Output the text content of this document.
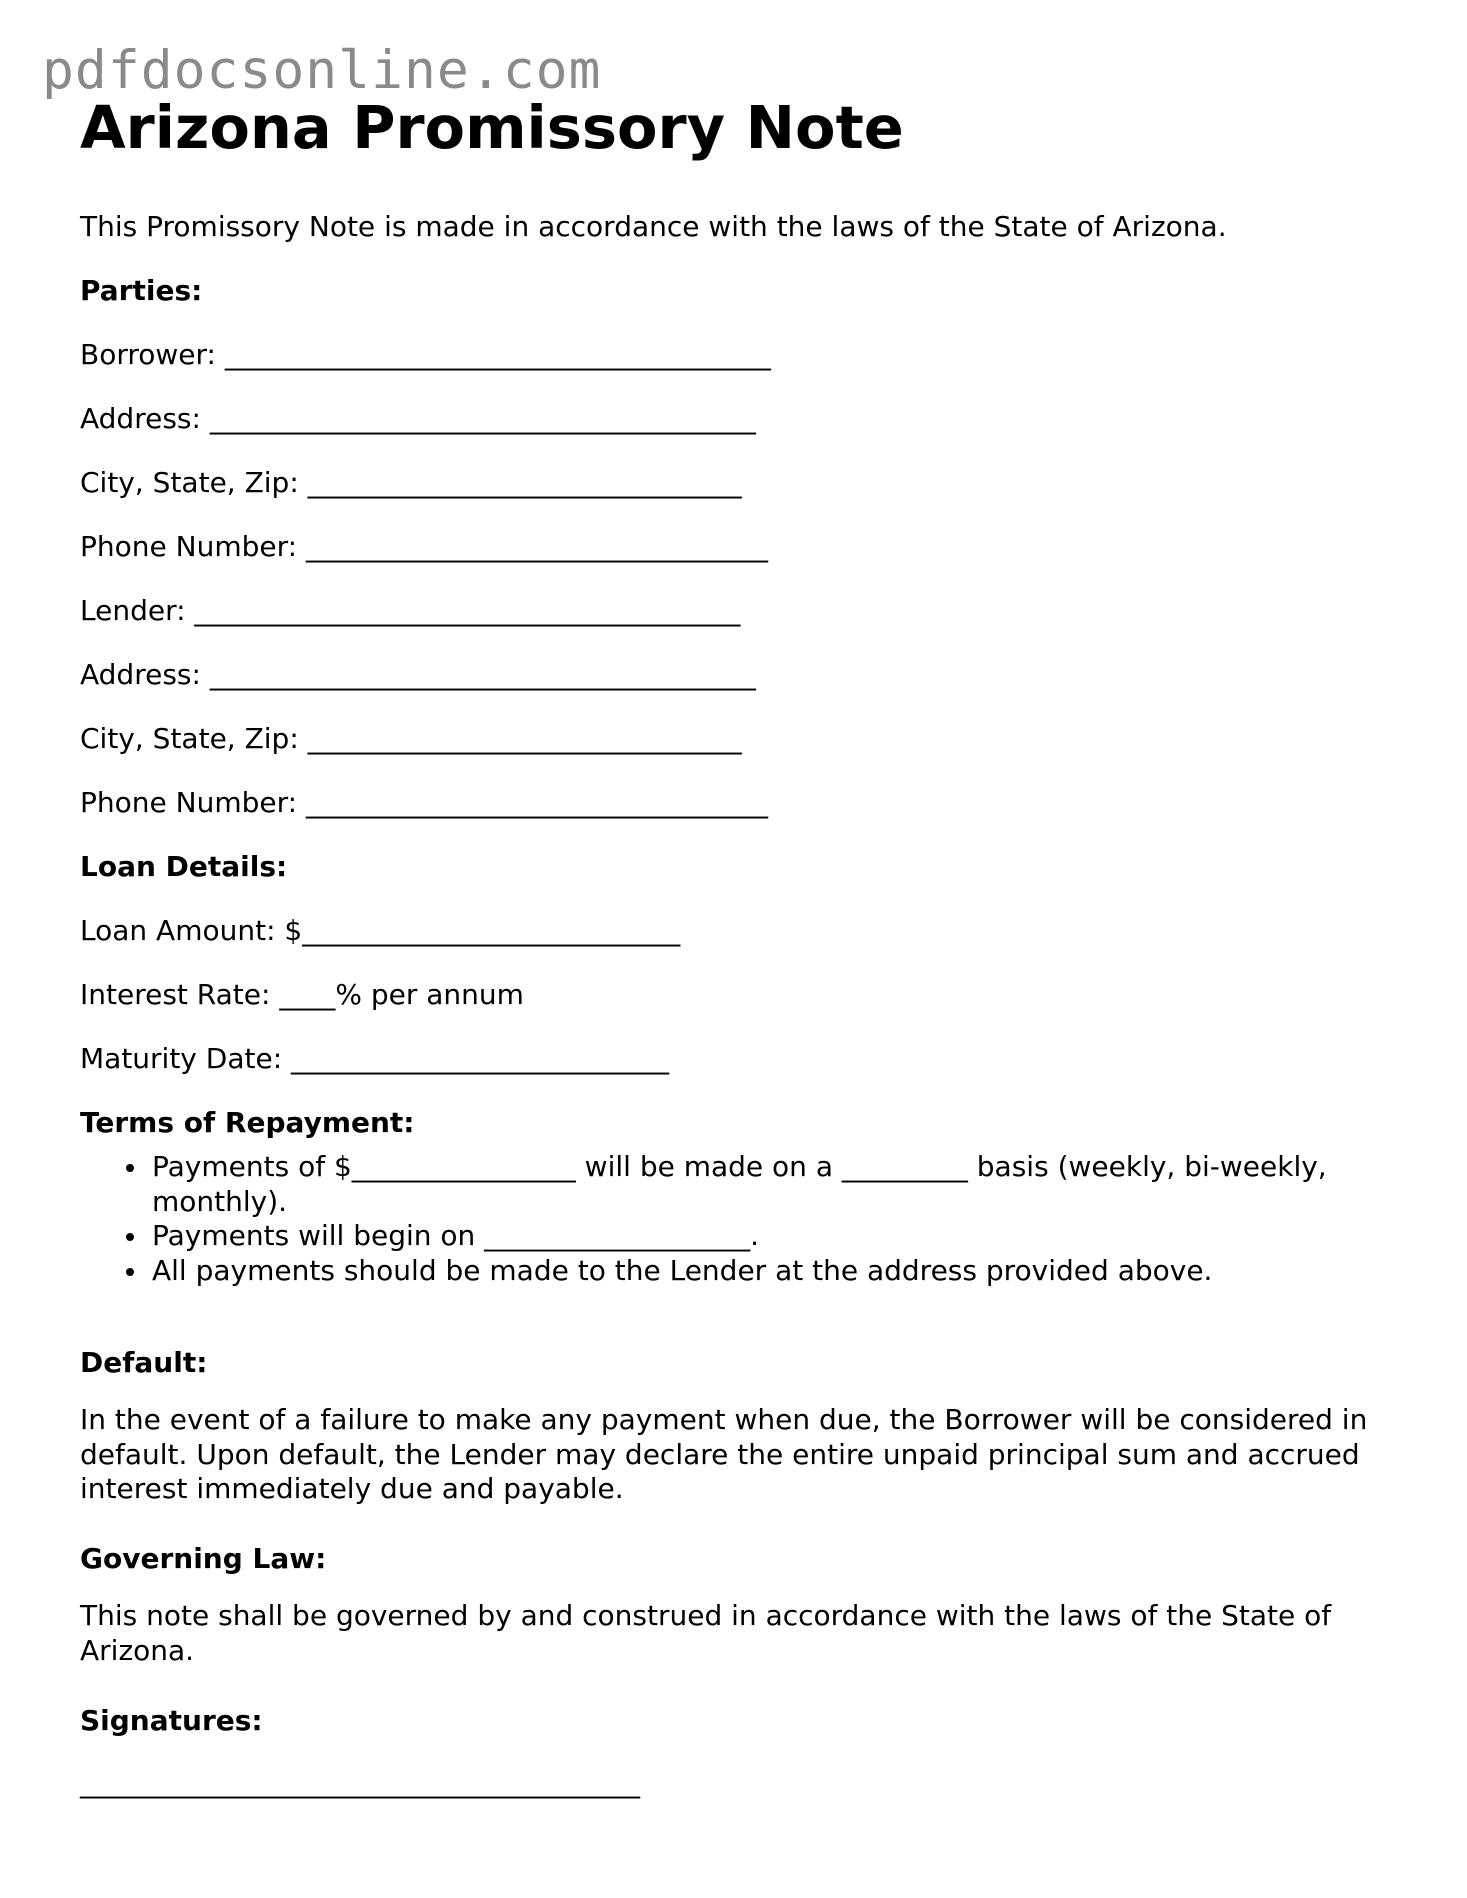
pdfdocsonline.com
Arizona Promissory Note
This Promissory Note is made in accordance with the laws of the State of Arizona.
Parties:
Borrower: _______________________________________
Address: _______________________________________
City, State, Zip: _______________________________
Phone Number: _________________________________
Lender: _______________________________________
Address: _______________________________________
City, State, Zip: _______________________________
Phone Number: _________________________________
Loan Details:
Loan Amount: $___________________________
Interest Rate: ____% per annum
Maturity Date: ___________________________
Terms of Repayment:
Payments of $________________ will be made on a _________ basis (weekly, bi-weekly, monthly).
Payments will begin on ___________________.
All payments should be made to the Lender at the address provided above.
Default:
In the event of a failure to make any payment when due, the Borrower will be considered in default. Upon default, the Lender may declare the entire unpaid principal sum and accrued interest immediately due and payable.
Governing Law:
This note shall be governed by and construed in accordance with the laws of the State of Arizona.
Signatures:
________________________________________
